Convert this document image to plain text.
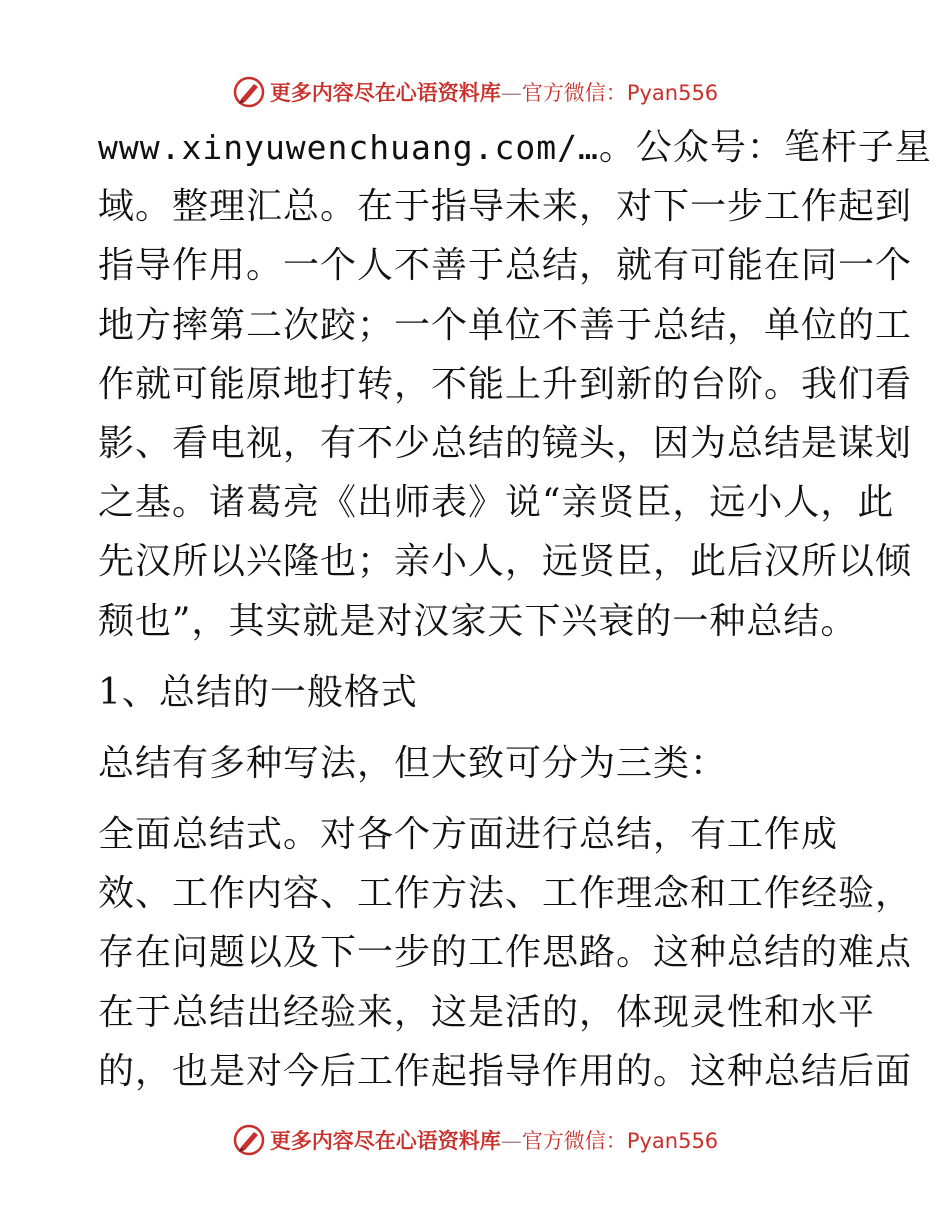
更多内容尽在心语资料库—官方微信：Pyan556
www.xinyuwenchuang.com/…。公众号：笔杆子星
域。整理汇总。在于指导未来，对下一步工作起到
指导作用。一个人不善于总结，就有可能在同一个
地方摔第二次跤；一个单位不善于总结，单位的工
作就可能原地打转，不能上升到新的台阶。我们看
影、看电视，有不少总结的镜头，因为总结是谋划
之基。诸葛亮《出师表》说“亲贤臣，远小人，此
先汉所以兴隆也；亲小人，远贤臣，此后汉所以倾
颓也”，其实就是对汉家天下兴衰的一种总结。
1、总结的一般格式
总结有多种写法，但大致可分为三类：
全面总结式。对各个方面进行总结，有工作成
效、工作内容、工作方法、工作理念和工作经验，
存在问题以及下一步的工作思路。这种总结的难点
在于总结出经验来，这是活的，体现灵性和水平
的，也是对今后工作起指导作用的。这种总结后面
更多内容尽在心语资料库—官方微信：Pyan556
